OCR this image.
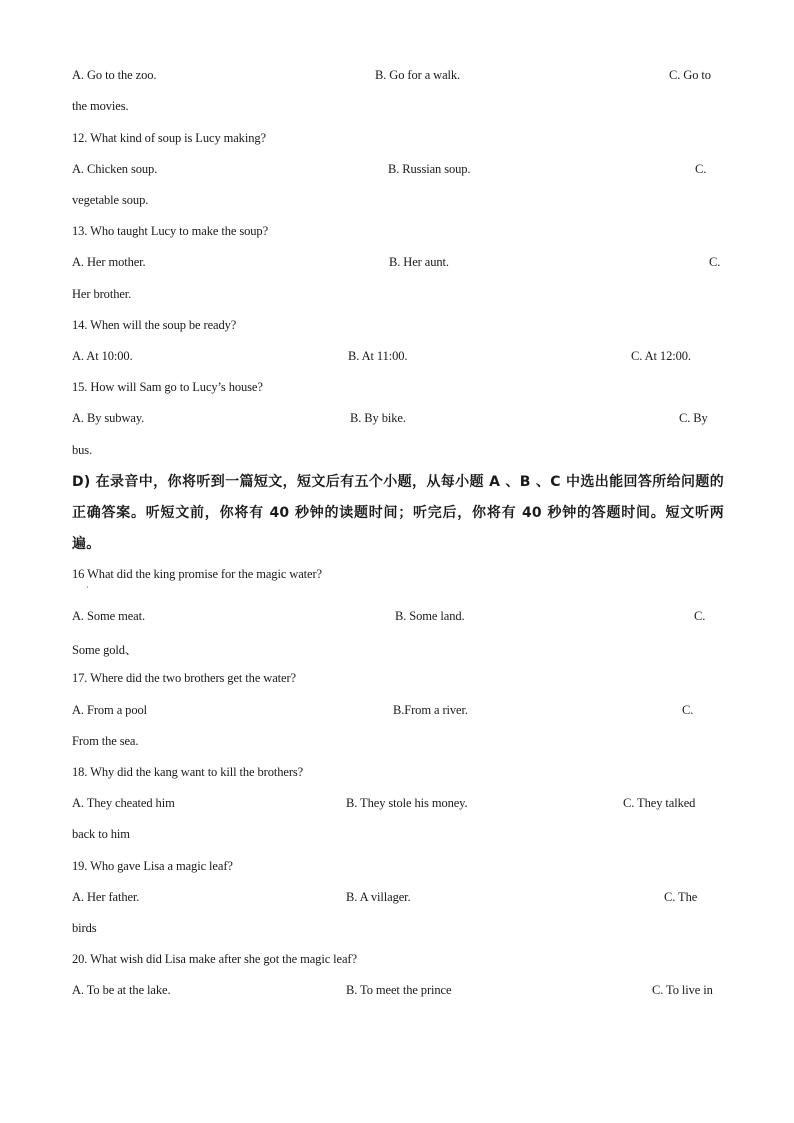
A. Go to the zoo.	B. Go for a walk.	C. Go to
the movies.
12. What kind of soup is Lucy making?
A. Chicken soup.	B. Russian soup.	C.
vegetable soup.
13. Who taught Lucy to make the soup?
A. Her mother.	B. Her aunt.	C.
Her brother.
14. When will the soup be ready?
A. At 10:00.	B. At 11:00.	C. At 12:00.
15. How will Sam go to Lucy’s house?
A. By subway.	B. By bike.	C. By
bus.
D) 在录音中，你将听到一篇短文，短文后有五个小题，从每小题 A 、B 、C 中选出能回答所给问题的正确答案。听短文前，你将有 40 秒钟的读题时间；听完后，你将有 40 秒钟的答题时间。短文听两遍。
16 What did the king promise for the magic water?
·
A. Some meat.	B. Some land.	C.
Some gold、
17. Where did the two brothers get the water?
A. From a pool	B.From a river.	C.
From the sea.
18. Why did the kang want to kill the brothers?
A. They cheated him	B. They stole his money.	C. They talked
back to him
19. Who gave Lisa a magic leaf?
A. Her father.	B. A villager.	C. The
birds
20. What wish did Lisa make after she got the magic leaf?
A. To be at the lake.	B. To meet the prince	C. To live in
